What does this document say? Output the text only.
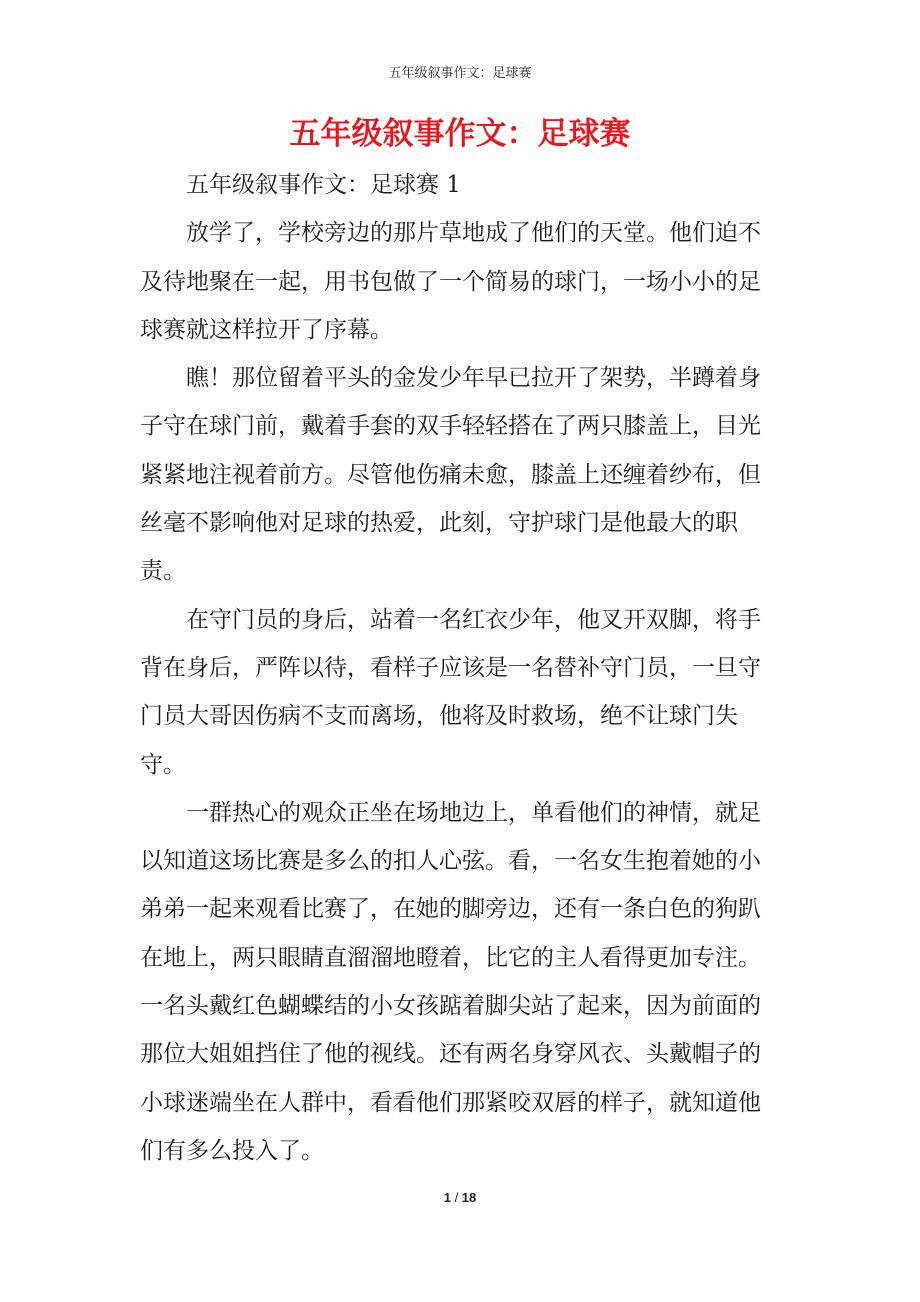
五年级叙事作文：足球赛
五年级叙事作文：足球赛

五年级叙事作文：足球赛 1

放学了，学校旁边的那片草地成了他们的天堂。他们迫不及待地聚在一起，用书包做了一个简易的球门，一场小小的足球赛就这样拉开了序幕。

瞧！那位留着平头的金发少年早已拉开了架势，半蹲着身子守在球门前，戴着手套的双手轻轻搭在了两只膝盖上，目光紧紧地注视着前方。尽管他伤痛未愈，膝盖上还缠着纱布，但丝毫不影响他对足球的热爱，此刻，守护球门是他最大的职责。

在守门员的身后，站着一名红衣少年，他叉开双脚，将手背在身后，严阵以待，看样子应该是一名替补守门员，一旦守门员大哥因伤病不支而离场，他将及时救场，绝不让球门失守。

一群热心的观众正坐在场地边上，单看他们的神情，就足以知道这场比赛是多么的扣人心弦。看，一名女生抱着她的小弟弟一起来观看比赛了，在她的脚旁边，还有一条白色的狗趴在地上，两只眼睛直溜溜地瞪着，比它的主人看得更加专注。一名头戴红色蝴蝶结的小女孩踮着脚尖站了起来，因为前面的那位大姐姐挡住了他的视线。还有两名身穿风衣、头戴帽子的小球迷端坐在人群中，看看他们那紧咬双唇的样子，就知道他们有多么投入了。

1 / 18
